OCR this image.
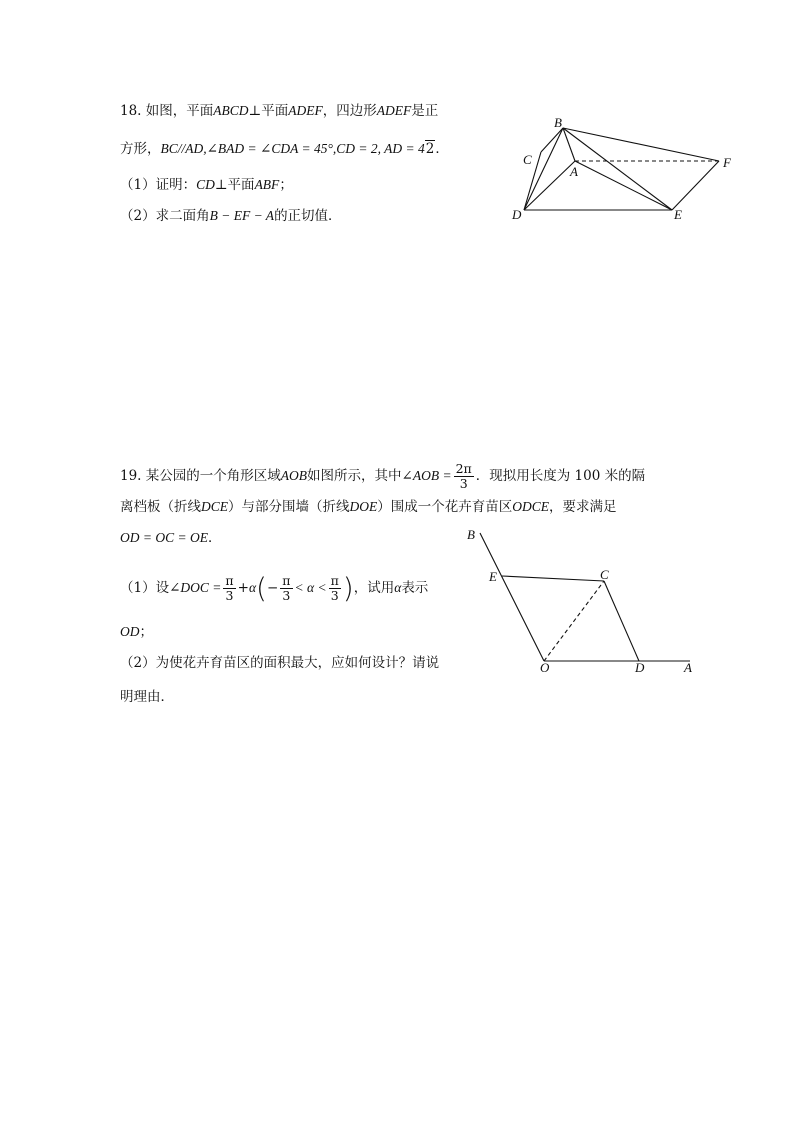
18. 如图，平面ABCD⊥平面ADEF，四边形ADEF是正
方形，BC//AD,∠BAD = ∠CDA = 45°,CD = 2, AD = 42．
（1）证明：CD⊥平面ABF；
（2）求二面角B − EF − A的正切值．
B
C
A
F
D	E
19. 某公园的一个角形区域AOB如图所示，其中∠AOB = $\frac{2\pi}{3}$ ．现拟用长度为 100 米的隔
离档板（折线DCE）与部分围墙（折线DOE）围成一个花卉育苗区ODCE，要求满足
OD = OC = OE．
（1）设∠DOC = $\frac{\pi}{3} +\alpha(- \frac{\pi}{3} < \alpha < \frac{\pi}{3}$ )，试用α表示
OD；
（2）为使花卉育苗区的面积最大，应如何设计？请说
明理由．
B
E	C
O	D	A
